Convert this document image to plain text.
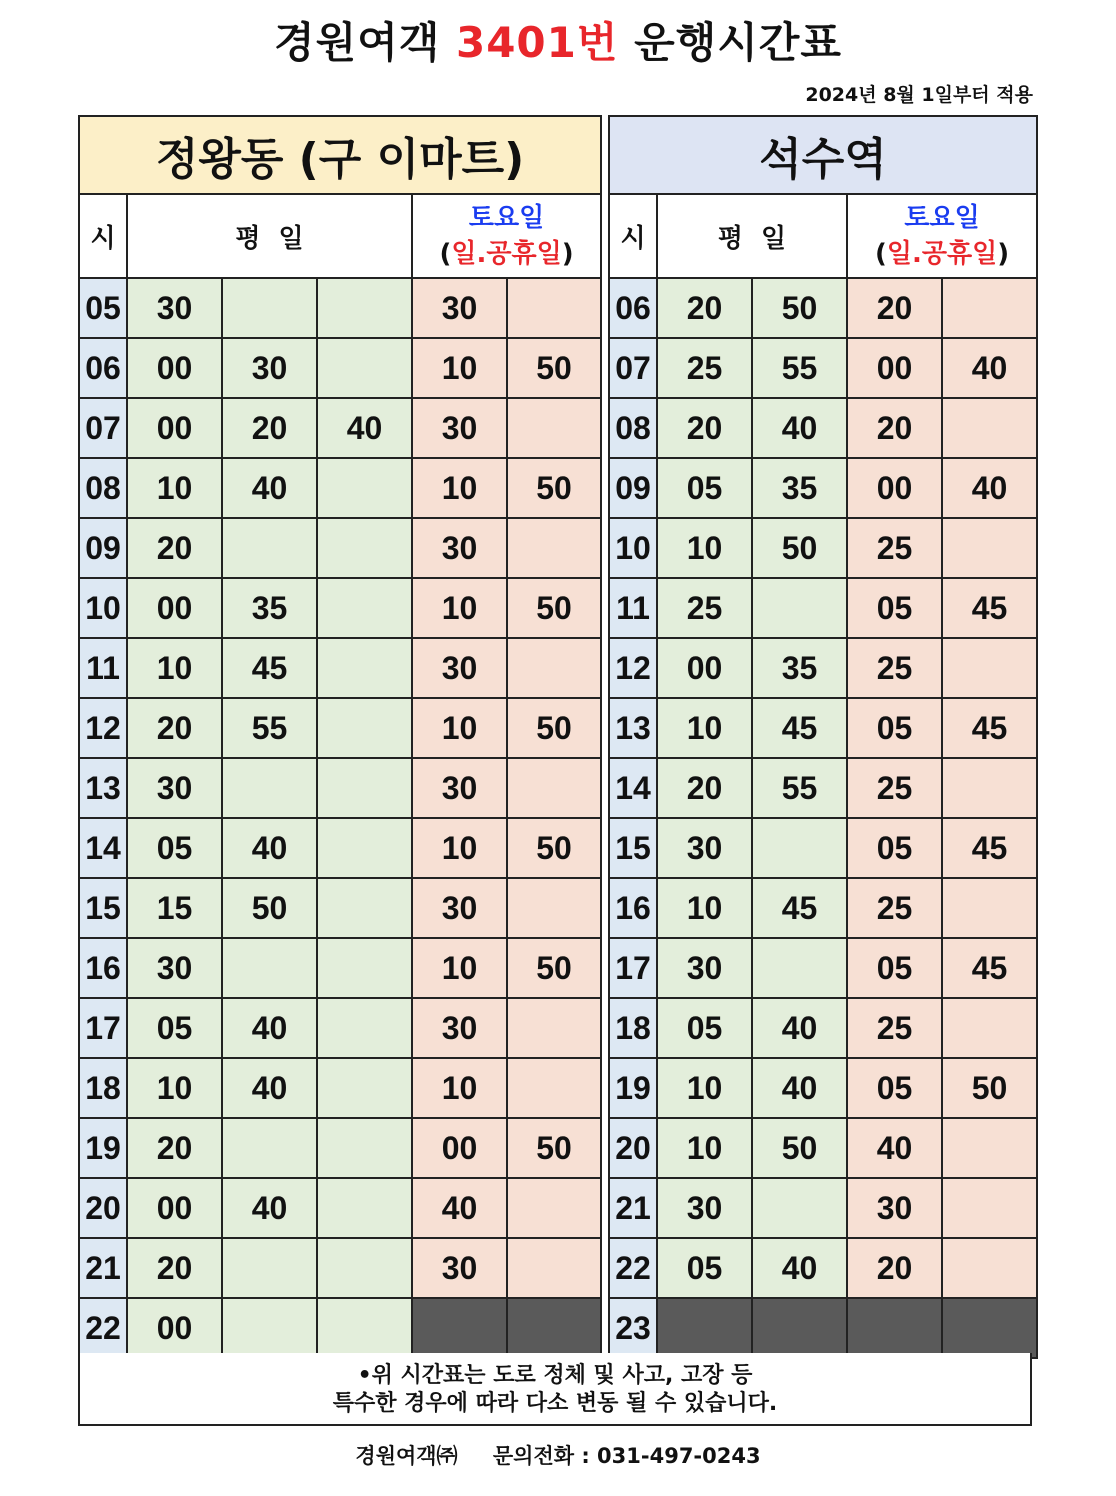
경원여객 3401번 운행시간표
2024년 8월 1일부터 적용
정왕동 (구 이마트)					
시	평  일			토요일
(일.공휴일)	

05	30			30	
06	00	30		10	50
07	00	20	40	30	
08	10	40		10	50
09	20			30	
10	00	35		10	50
11	10	45		30	
12	20	55		10	50
13	30			30	
14	05	40		10	50
15	15	50		30	
16	30			10	50
17	05	40		30	
18	10	40		10	
19	20			00	50
20	00	40		40	
21	20			30	
22	00				
석수역				
시	평  일		토요일
(일.공휴일)	

06	20	50	20	
07	25	55	00	40
08	20	40	20	
09	05	35	00	40
10	10	50	25	
11	25		05	45
12	00	35	25	
13	10	45	05	45
14	20	55	25	
15	30		05	45
16	10	45	25	
17	30		05	45
18	05	40	25	
19	10	40	05	50
20	10	50	40	
21	30		30	
22	05	40	20	
23				
•위 시간표는 도로 정체 및 사고, 고장 등
특수한 경우에 따라 다소 변동 될 수 있습니다.
경원여객㈜ 문의전화 : 031-497-0243
